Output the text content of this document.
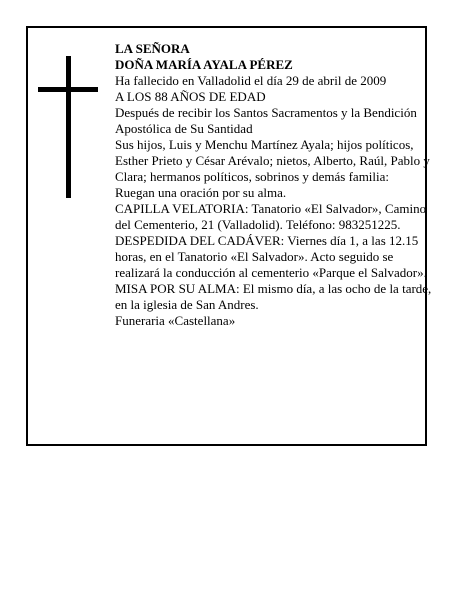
LA SEÑORA

DOÑA MARÍA AYALA PÉREZ

Ha fallecido en Valladolid el día 29 de abril de 2009

A LOS 88 AÑOS DE EDAD

Después de recibir los Santos Sacramentos y la Bendición Apostólica de Su Santidad

Sus hijos, Luis y Menchu Martínez Ayala; hijos políticos, Esther Prieto y César Arévalo; nietos, Alberto, Raúl, Pablo y Clara; hermanos políticos, sobrinos y demás familia:

Ruegan una oración por su alma.

CAPILLA VELATORIA: Tanatorio «El Salvador», Camino del Cementerio, 21 (Valladolid). Teléfono: 983251225.

DESPEDIDA DEL CADÁVER: Viernes día 1, a las 12.15 horas, en el Tanatorio «El Salvador». Acto seguido se realizará la conducción al cementerio «Parque el Salvador».

MISA POR SU ALMA: El mismo día, a las ocho de la tarde, en la iglesia de San Andres.

Funeraria «Castellana»
